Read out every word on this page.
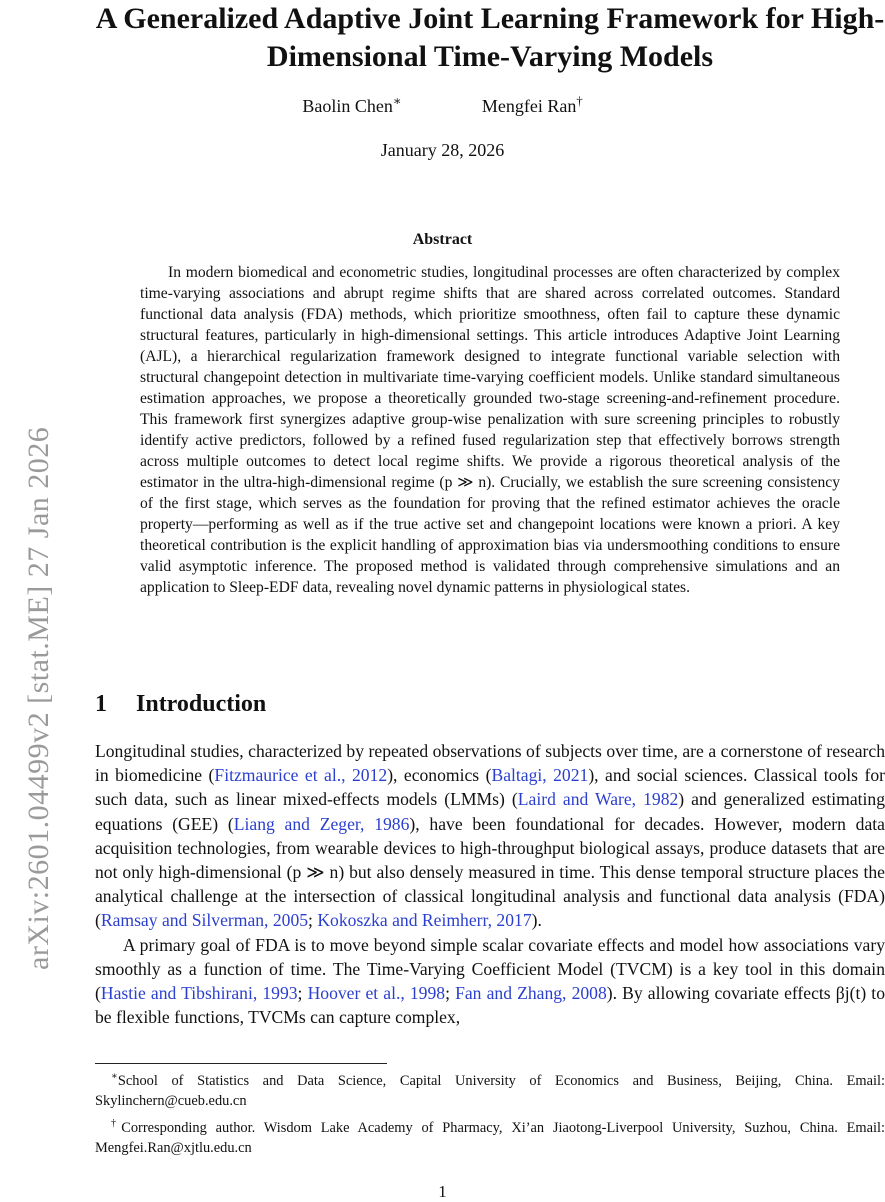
arXiv:2601.04499v2 [stat.ME] 27 Jan 2026
A Generalized Adaptive Joint Learning Framework for High-Dimensional Time-Varying Models
Baolin Chen∗	Mengfei Ran†
January 28, 2026
Abstract

In modern biomedical and econometric studies, longitudinal processes are often characterized by complex time-varying associations and abrupt regime shifts that are shared across correlated outcomes. Standard functional data analysis (FDA) methods, which prioritize smoothness, often fail to capture these dynamic structural features, particularly in high-dimensional settings. This article introduces Adaptive Joint Learning (AJL), a hierarchical regularization framework designed to integrate functional variable selection with structural changepoint detection in multivariate time-varying coefficient models. Unlike standard simultaneous estimation approaches, we propose a theoretically grounded two-stage screening-and-refinement procedure. This framework first synergizes adaptive group-wise penalization with sure screening principles to robustly identify active predictors, followed by a refined fused regularization step that effectively borrows strength across multiple outcomes to detect local regime shifts. We provide a rigorous theoretical analysis of the estimator in the ultra-high-dimensional regime (p ≫ n). Crucially, we establish the sure screening consistency of the first stage, which serves as the foundation for proving that the refined estimator achieves the oracle property—performing as well as if the true active set and changepoint locations were known a priori. A key theoretical contribution is the explicit handling of approximation bias via undersmoothing conditions to ensure valid asymptotic inference. The proposed method is validated through comprehensive simulations and an application to Sleep-EDF data, revealing novel dynamic patterns in physiological states.

1 Introduction

Longitudinal studies, characterized by repeated observations of subjects over time, are a cornerstone of research in biomedicine (Fitzmaurice et al., 2012), economics (Baltagi, 2021), and social sciences. Classical tools for such data, such as linear mixed-effects models (LMMs) (Laird and Ware, 1982) and generalized estimating equations (GEE) (Liang and Zeger, 1986), have been foundational for decades. However, modern data acquisition technologies, from wearable devices to high-throughput biological assays, produce datasets that are not only high-dimensional (p ≫ n) but also densely measured in time. This dense temporal structure places the analytical challenge at the intersection of classical longitudinal analysis and functional data analysis (FDA) (Ramsay and Silverman, 2005; Kokoszka and Reimherr, 2017).

A primary goal of FDA is to move beyond simple scalar covariate effects and model how associations vary smoothly as a function of time. The Time-Varying Coefficient Model (TVCM) is a key tool in this domain (Hastie and Tibshirani, 1993; Hoover et al., 1998; Fan and Zhang, 2008). By allowing covariate effects βj(t) to be flexible functions, TVCMs can capture complex,

∗School of Statistics and Data Science, Capital University of Economics and Business, Beijing, China. Email: Skylinchern@cueb.edu.cn

†Corresponding author. Wisdom Lake Academy of Pharmacy, Xi’an Jiaotong-Liverpool University, Suzhou, China. Email: Mengfei.Ran@xjtlu.edu.cn

1
